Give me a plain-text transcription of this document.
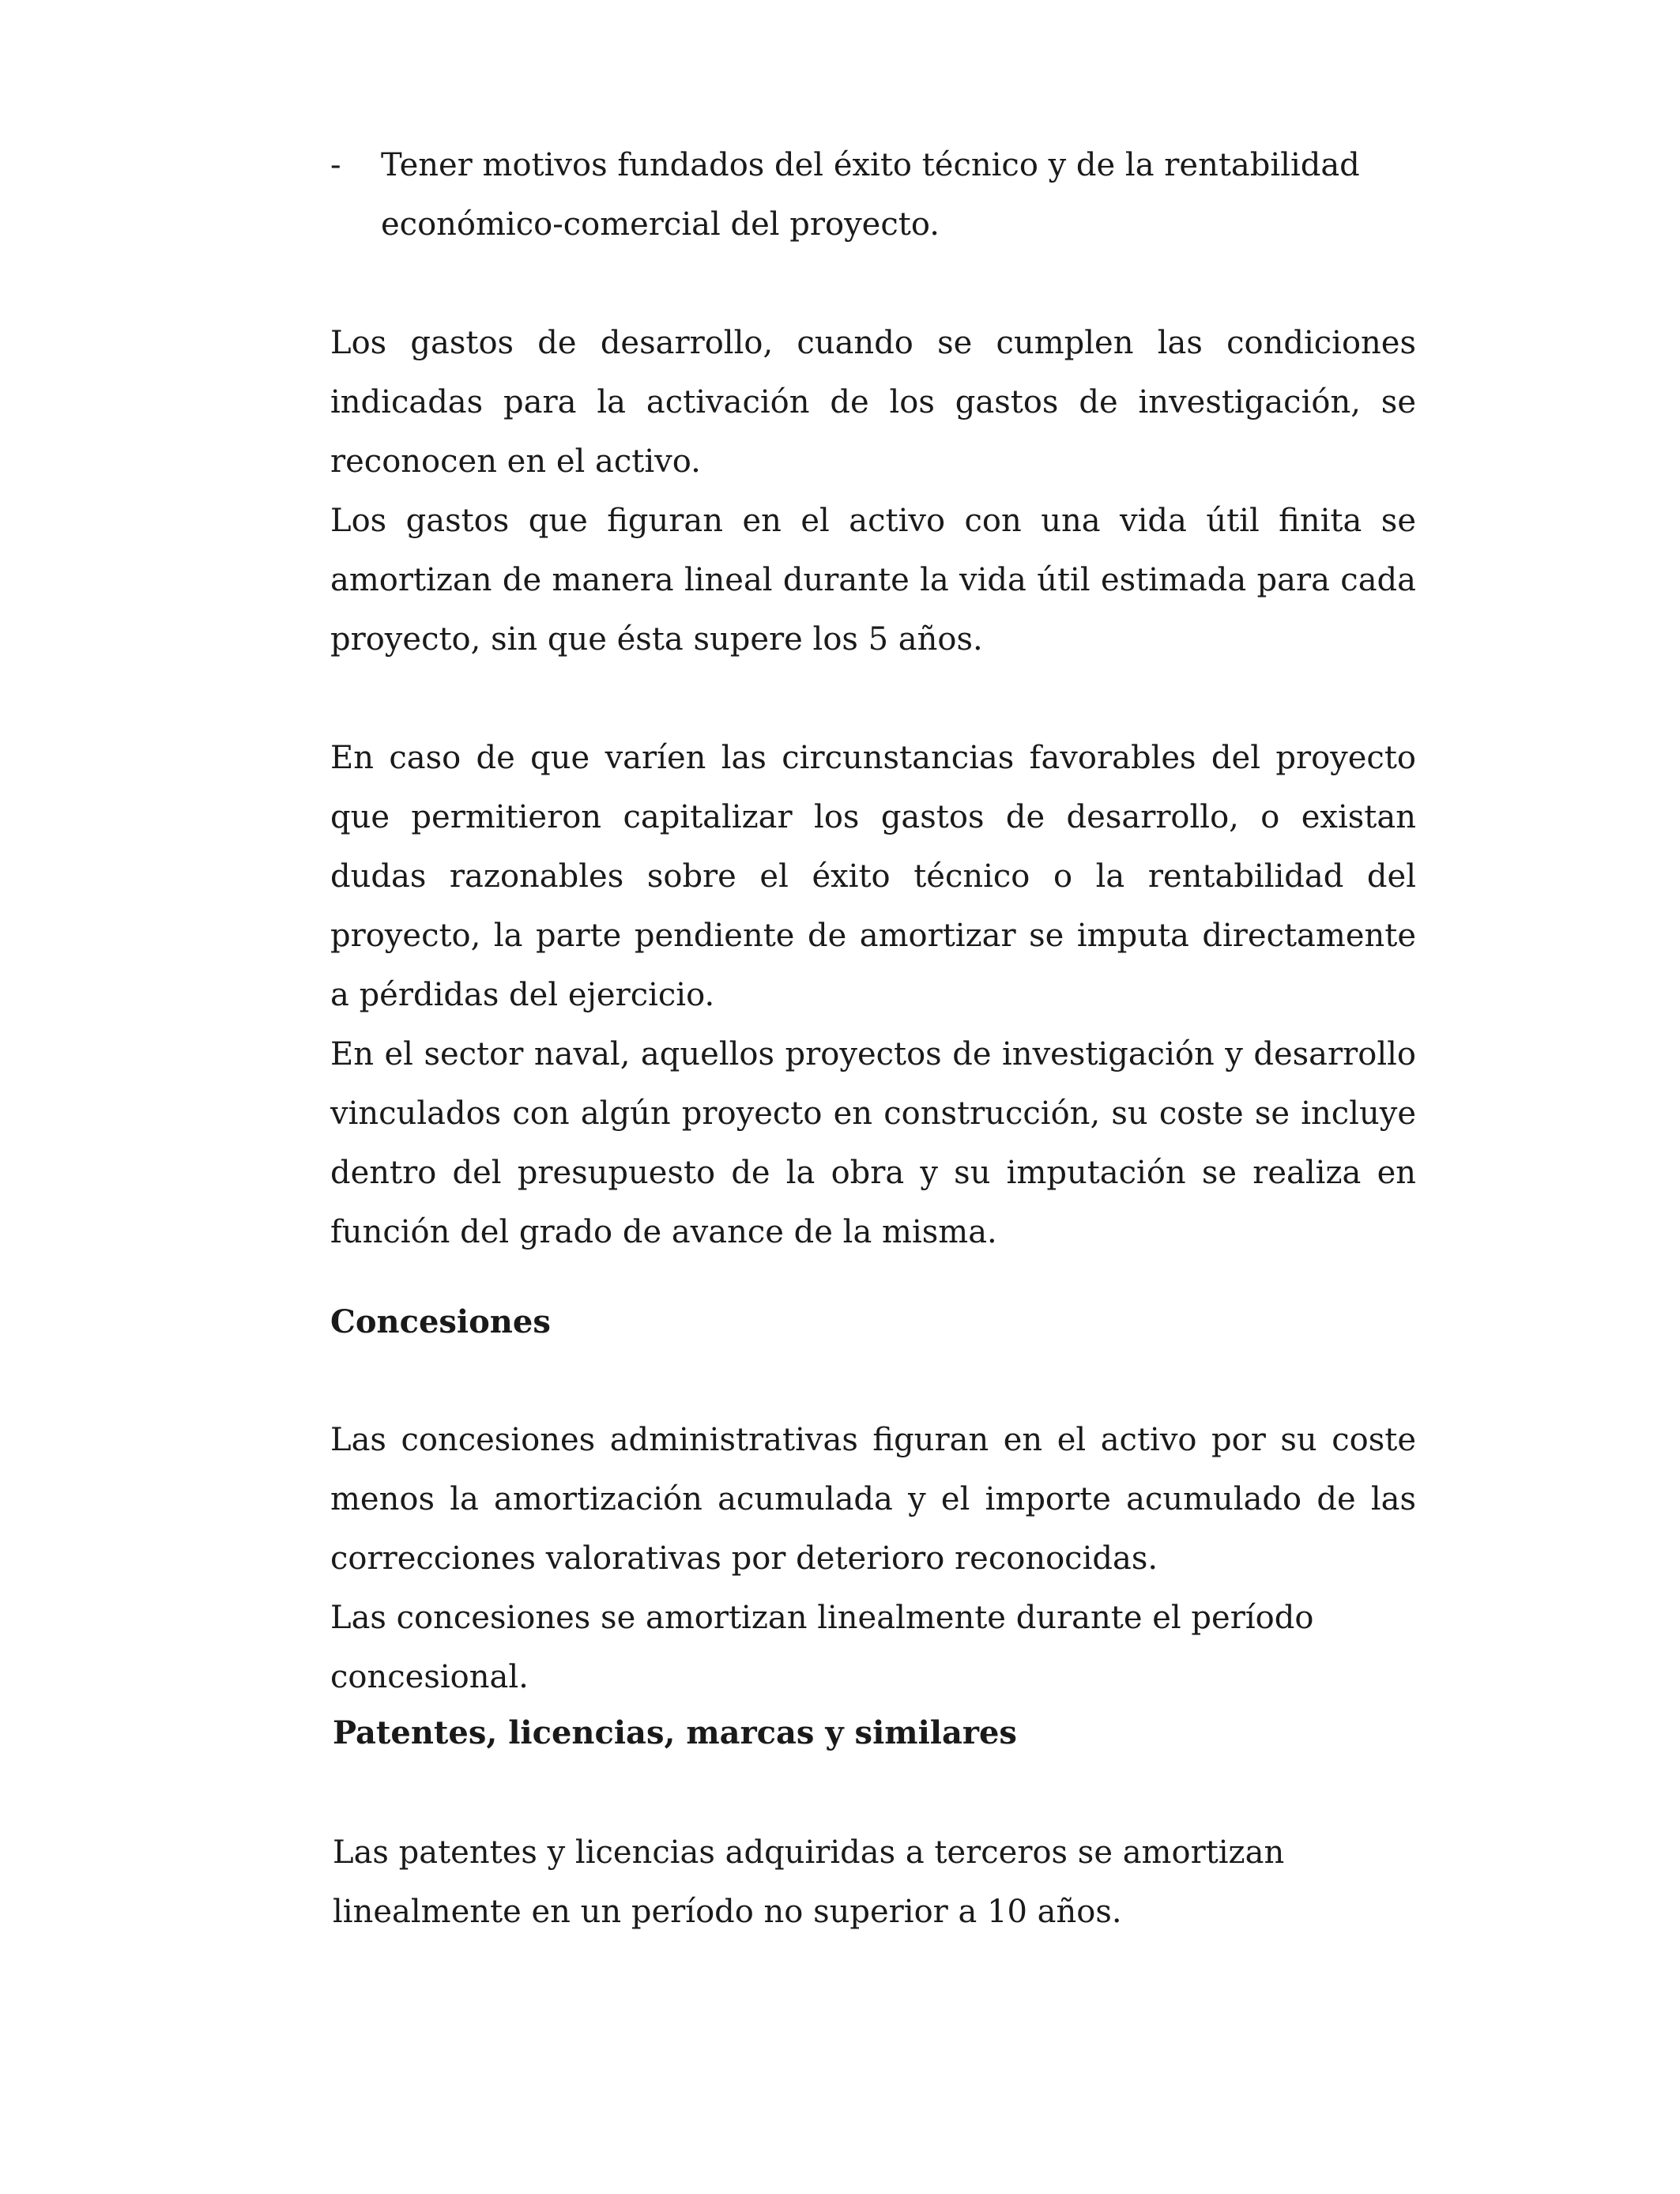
- Tener motivos fundados del éxito técnico y de la rentabilidad económico-comercial del proyecto.

Los gastos de desarrollo, cuando se cumplen las condiciones indicadas para la activación de los gastos de investigación, se reconocen en el activo.

Los gastos que figuran en el activo con una vida útil finita se amortizan de manera lineal durante la vida útil estimada para cada proyecto, sin que ésta supere los 5 años.

En caso de que varíen las circunstancias favorables del proyecto que permitieron capitalizar los gastos de desarrollo, o existan dudas razonables sobre el éxito técnico o la rentabilidad del proyecto, la parte pendiente de amortizar se imputa directamente a pérdidas del ejercicio.

En el sector naval, aquellos proyectos de investigación y desarrollo vinculados con algún proyecto en construcción, su coste se incluye dentro del presupuesto de la obra y su imputación se realiza en función del grado de avance de la misma.

Concesiones

Las concesiones administrativas figuran en el activo por su coste menos la amortización acumulada y el importe acumulado de las correcciones valorativas por deterioro reconocidas.

Las concesiones se amortizan linealmente durante el período concesional.

Patentes, licencias, marcas y similares

Las patentes y licencias adquiridas a terceros se amortizan linealmente en un período no superior a 10 años.
